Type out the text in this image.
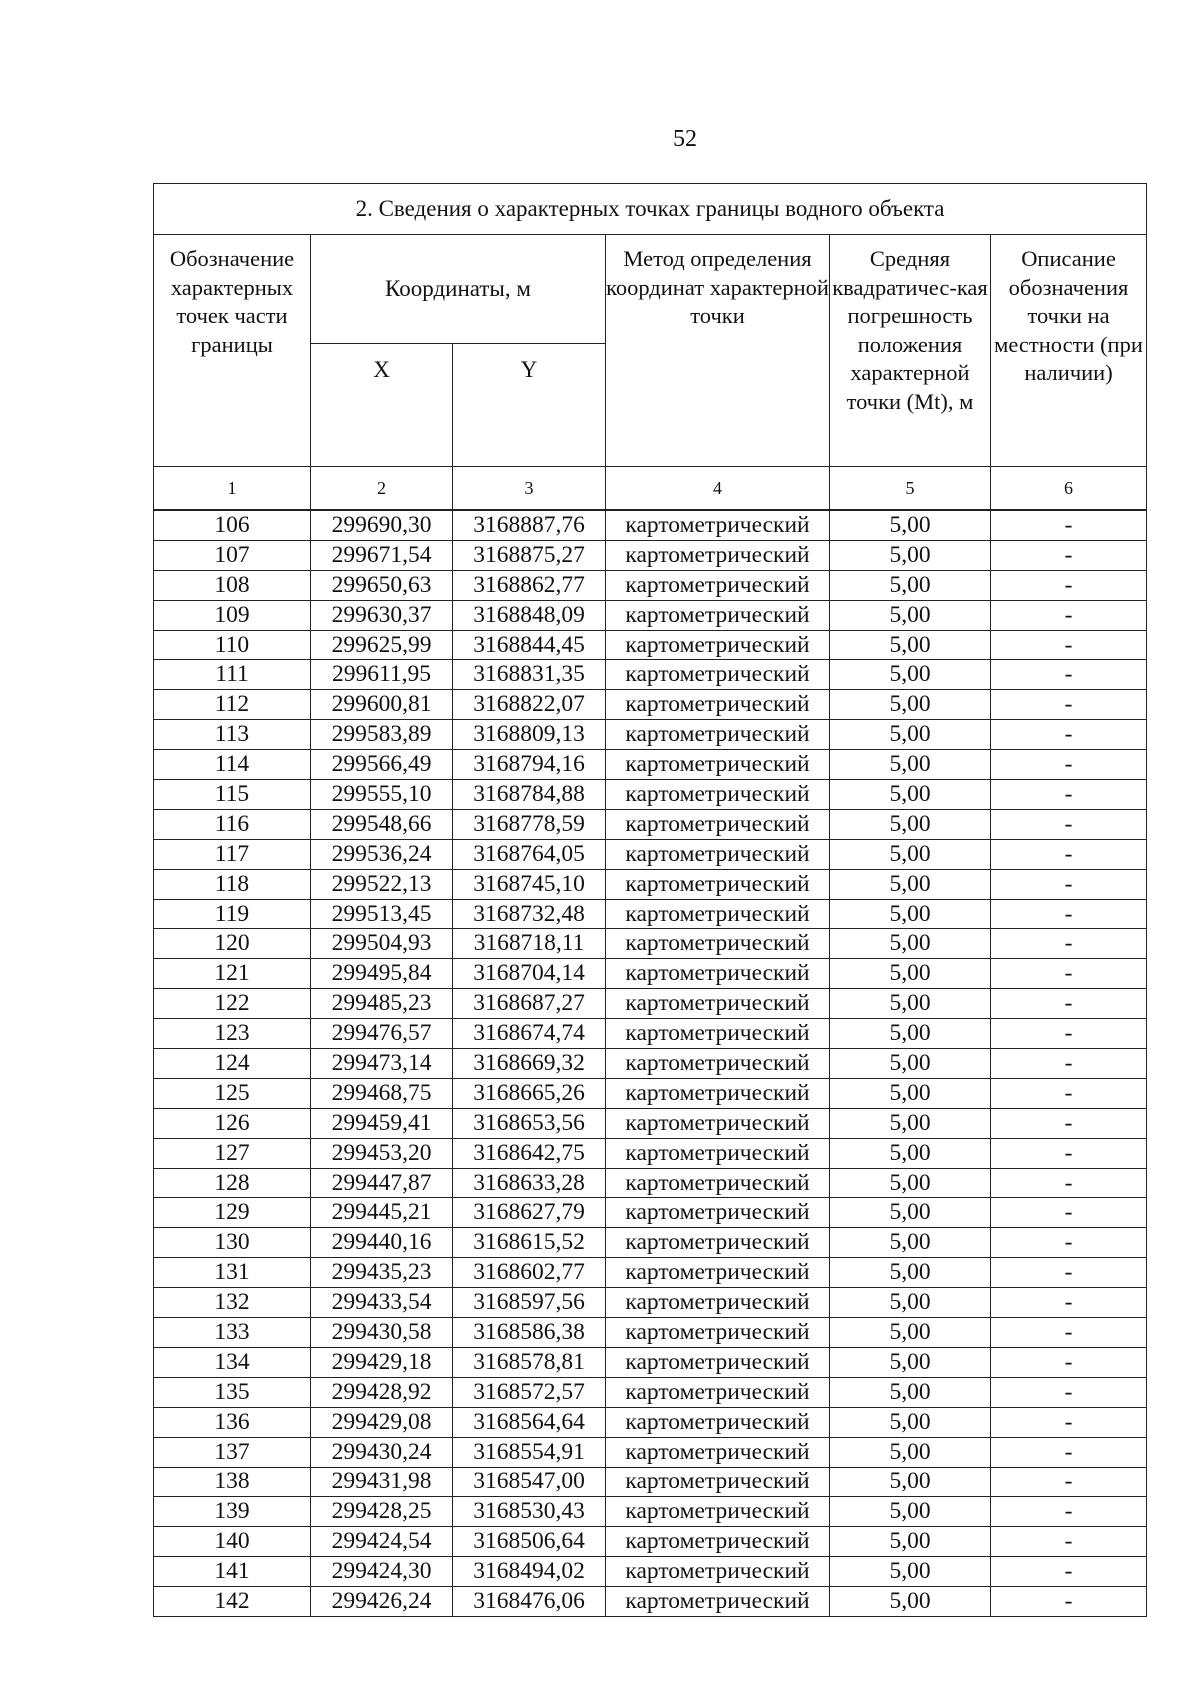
52
2. Сведения о характерных точках границы водного объекта					
Обозначение характерных точек части границы	Координаты, м		Метод определения координат характерной точки	Средняя квадратичес-кая погрешность положения характерной точки (Mt), м	Описание обозначения точки на местности (при наличии)
	X	Y			
1	2	3	4	5	6
106	299690,30	3168887,76	картометрический	5,00	-
107	299671,54	3168875,27	картометрический	5,00	-
108	299650,63	3168862,77	картометрический	5,00	-
109	299630,37	3168848,09	картометрический	5,00	-
110	299625,99	3168844,45	картометрический	5,00	-
111	299611,95	3168831,35	картометрический	5,00	-
112	299600,81	3168822,07	картометрический	5,00	-
113	299583,89	3168809,13	картометрический	5,00	-
114	299566,49	3168794,16	картометрический	5,00	-
115	299555,10	3168784,88	картометрический	5,00	-
116	299548,66	3168778,59	картометрический	5,00	-
117	299536,24	3168764,05	картометрический	5,00	-
118	299522,13	3168745,10	картометрический	5,00	-
119	299513,45	3168732,48	картометрический	5,00	-
120	299504,93	3168718,11	картометрический	5,00	-
121	299495,84	3168704,14	картометрический	5,00	-
122	299485,23	3168687,27	картометрический	5,00	-
123	299476,57	3168674,74	картометрический	5,00	-
124	299473,14	3168669,32	картометрический	5,00	-
125	299468,75	3168665,26	картометрический	5,00	-
126	299459,41	3168653,56	картометрический	5,00	-
127	299453,20	3168642,75	картометрический	5,00	-
128	299447,87	3168633,28	картометрический	5,00	-
129	299445,21	3168627,79	картометрический	5,00	-
130	299440,16	3168615,52	картометрический	5,00	-
131	299435,23	3168602,77	картометрический	5,00	-
132	299433,54	3168597,56	картометрический	5,00	-
133	299430,58	3168586,38	картометрический	5,00	-
134	299429,18	3168578,81	картометрический	5,00	-
135	299428,92	3168572,57	картометрический	5,00	-
136	299429,08	3168564,64	картометрический	5,00	-
137	299430,24	3168554,91	картометрический	5,00	-
138	299431,98	3168547,00	картометрический	5,00	-
139	299428,25	3168530,43	картометрический	5,00	-
140	299424,54	3168506,64	картометрический	5,00	-
141	299424,30	3168494,02	картометрический	5,00	-
142	299426,24	3168476,06	картометрический	5,00	-
